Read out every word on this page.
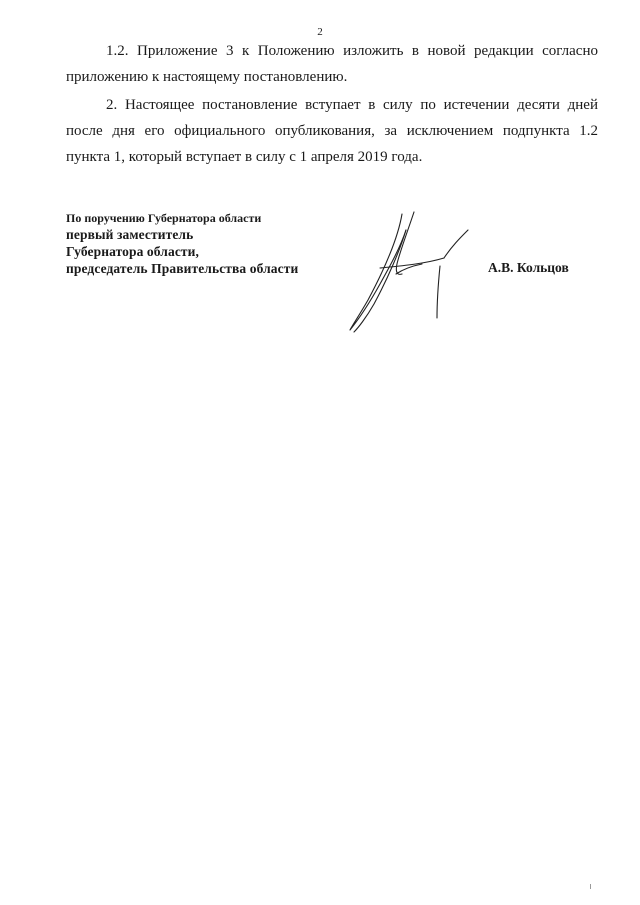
2

1.2. Приложение 3 к Положению изложить в новой редакции согласно приложению к настоящему постановлению.

2. Настоящее постановление вступает в силу по истечении десяти дней после дня его официального опубликования, за исключением подпункта 1.2 пункта 1, который вступает в силу с 1 апреля 2019 года.

По поручению Губернатора области
первый заместитель
Губернатора области,
председатель Правительства области	А.В. Кольцов
